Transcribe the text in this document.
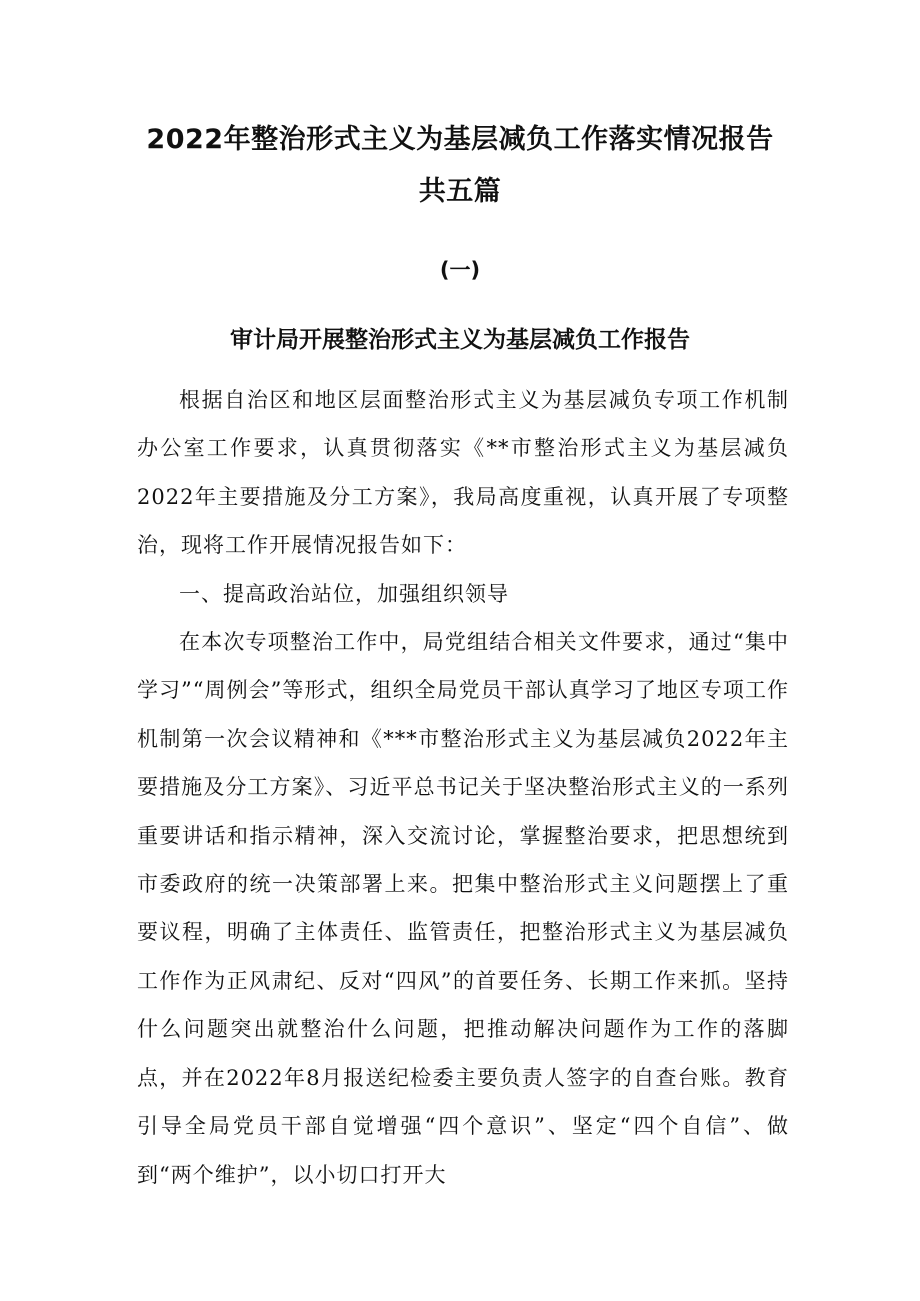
2022年整治形式主义为基层减负工作落实情况报告
共五篇
(一)
审计局开展整治形式主义为基层减负工作报告

根据自治区和地区层面整治形式主义为基层减负专项工作机制办公室工作要求，认真贯彻落实《**市整治形式主义为基层减负2022年主要措施及分工方案》，我局高度重视，认真开展了专项整治，现将工作开展情况报告如下：

一、提高政治站位，加强组织领导

在本次专项整治工作中，局党组结合相关文件要求，通过“集中学习”“周例会”等形式，组织全局党员干部认真学习了地区专项工作机制第一次会议精神和《***市整治形式主义为基层减负2022年主要措施及分工方案》、习近平总书记关于坚决整治形式主义的一系列重要讲话和指示精神，深入交流讨论，掌握整治要求，把思想统到市委政府的统一决策部署上来。把集中整治形式主义问题摆上了重要议程，明确了主体责任、监管责任，把整治形式主义为基层减负工作作为正风肃纪、反对“四风”的首要任务、长期工作来抓。坚持什么问题突出就整治什么问题，把推动解决问题作为工作的落脚点，并在2022年8月报送纪检委主要负责人签字的自查台账。教育引导全局党员干部自觉增强“四个意识”、坚定“四个自信”、做到“两个维护”，以小切口打开大
